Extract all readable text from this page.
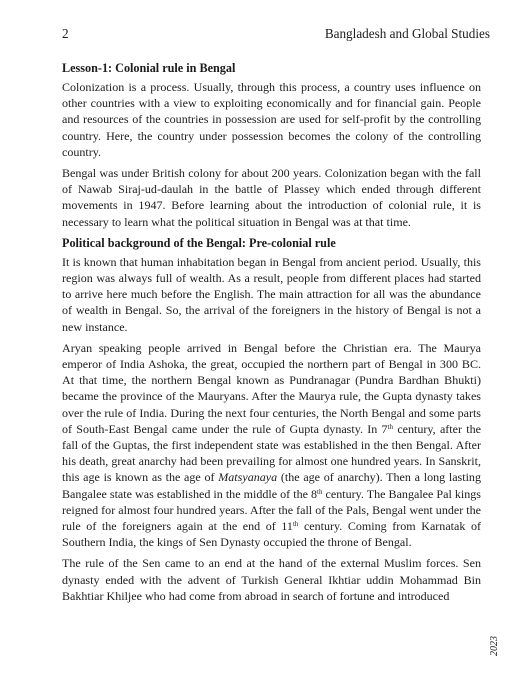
2	Bangladesh and Global Studies
Lesson-1: Colonial rule in Bengal

Colonization is a process. Usually, through this process, a country uses influence on other countries with a view to exploiting economically and for financial gain. People and resources of the countries in possession are used for self-profit by the controlling country. Here, the country under possession becomes the colony of the controlling country.

Bengal was under British colony for about 200 years. Colonization began with the fall of Nawab Siraj-ud-daulah in the battle of Plassey which ended through different movements in 1947. Before learning about the introduction of colonial rule, it is necessary to learn what the political situation in Bengal was at that time.

Political background of the Bengal: Pre-colonial rule

It is known that human inhabitation began in Bengal from ancient period. Usually, this region was always full of wealth. As a result, people from different places had started to arrive here much before the English. The main attraction for all was the abundance of wealth in Bengal. So, the arrival of the foreigners in the history of Bengal is not a new instance.

Aryan speaking people arrived in Bengal before the Christian era. The Maurya emperor of India Ashoka, the great, occupied the northern part of Bengal in 300 BC. At that time, the northern Bengal known as Pundranagar (Pundra Bardhan Bhukti) became the province of the Mauryans. After the Maurya rule, the Gupta dynasty takes over the rule of India. During the next four centuries, the North Bengal and some parts of South-East Bengal came under the rule of Gupta dynasty. In 7th century, after the fall of the Guptas, the first independent state was established in the then Bengal. After his death, great anarchy had been prevailing for almost one hundred years. In Sanskrit, this age is known as the age of Matsyanaya (the age of anarchy). Then a long lasting Bangalee state was established in the middle of the 8th century. The Bangalee Pal kings reigned for almost four hundred years. After the fall of the Pals, Bengal went under the rule of the foreigners again at the end of 11th century. Coming from Karnatak of Southern India, the kings of Sen Dynasty occupied the throne of Bengal.

The rule of the Sen came to an end at the hand of the external Muslim forces. Sen dynasty ended with the advent of Turkish General Ikhtiar uddin Mohammad Bin Bakhtiar Khiljee who had come from abroad in search of fortune and introduced

2023
